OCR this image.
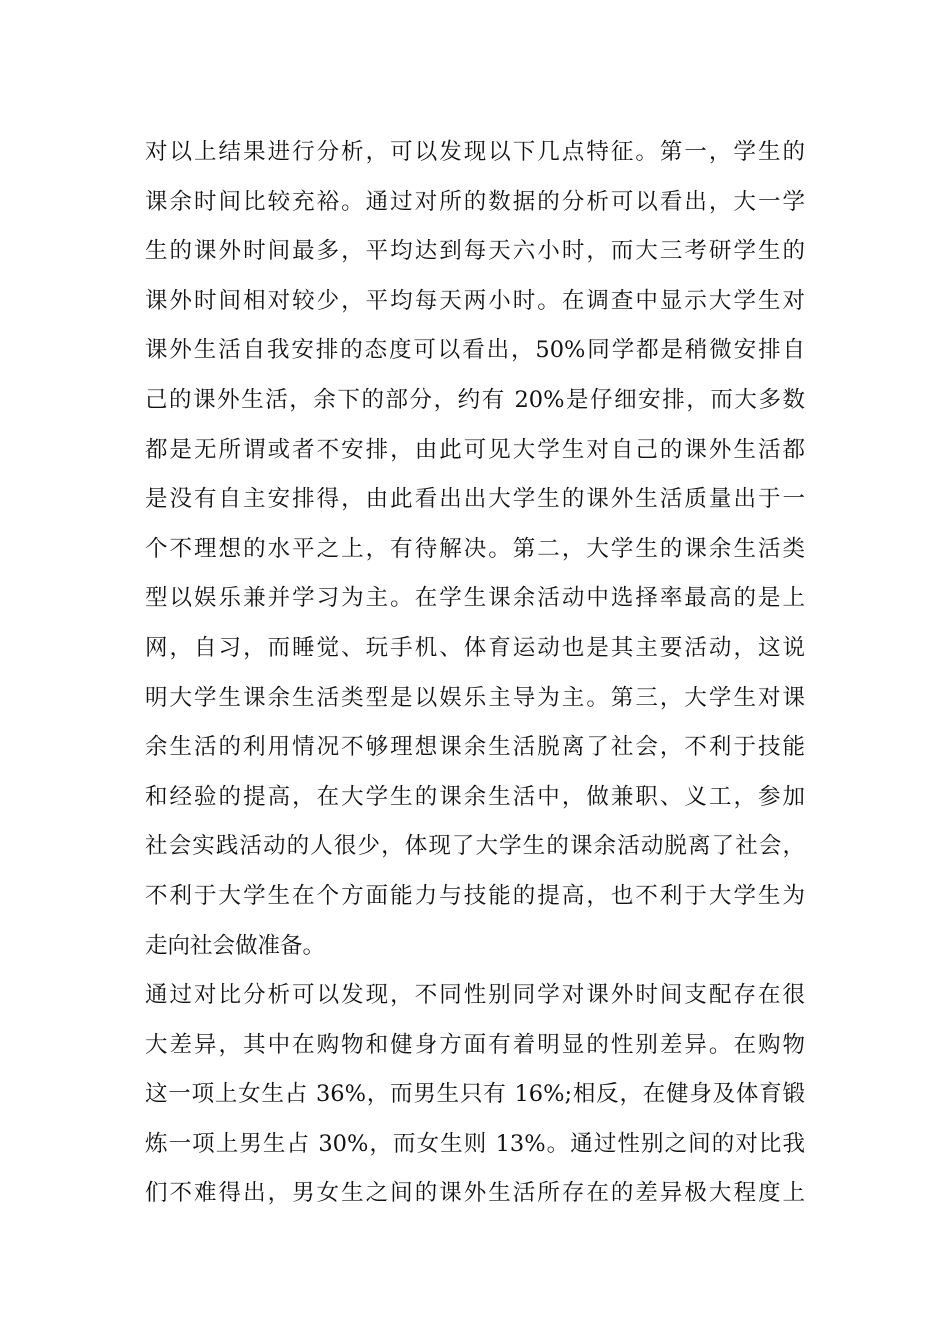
对以上结果进行分析，可以发现以下几点特征。第一，学生的
课余时间比较充裕。通过对所的数据的分析可以看出，大一学
生的课外时间最多，平均达到每天六小时，而大三考研学生的
课外时间相对较少，平均每天两小时。在调查中显示大学生对
课外生活自我安排的态度可以看出，50%同学都是稍微安排自
己的课外生活，余下的部分，约有 20%是仔细安排，而大多数
都是无所谓或者不安排，由此可见大学生对自己的课外生活都
是没有自主安排得，由此看出出大学生的课外生活质量出于一
个不理想的水平之上，有待解决。第二，大学生的课余生活类
型以娱乐兼并学习为主。在学生课余活动中选择率最高的是上
网，自习，而睡觉、玩手机、体育运动也是其主要活动，这说
明大学生课余生活类型是以娱乐主导为主。第三，大学生对课
余生活的利用情况不够理想课余生活脱离了社会，不利于技能
和经验的提高，在大学生的课余生活中，做兼职、义工，参加
社会实践活动的人很少，体现了大学生的课余活动脱离了社会，
不利于大学生在个方面能力与技能的提高，也不利于大学生为
走向社会做准备。
通过对比分析可以发现，不同性别同学对课外时间支配存在很
大差异，其中在购物和健身方面有着明显的性别差异。在购物
这一项上女生占 36%，而男生只有 16%;相反，在健身及体育锻
炼一项上男生占 30%，而女生则 13%。通过性别之间的对比我
们不难得出，男女生之间的课外生活所存在的差异极大程度上
